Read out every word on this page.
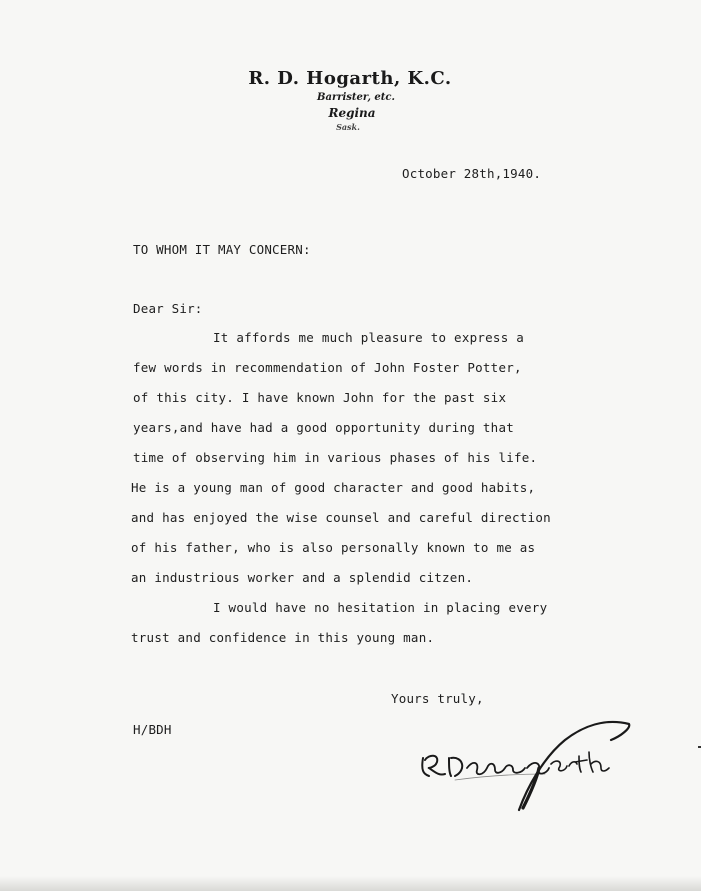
R. D. Hogarth, K.C.
Barrister, etc.
Regina
Sask.
October 28th,1940.
TO WHOM IT MAY CONCERN:
Dear Sir:
It affords me much pleasure to express a
few words in recommendation of John Foster Potter,
of this city. I have known John for the past six
years,and have had a good opportunity during that
time of observing him in various phases of his life.
He is a young man of good character and good habits,
and has enjoyed the wise counsel and careful direction
of his father, who is also personally known to me as
an industrious worker and a splendid citzen.
I would have no hesitation in placing every
trust and confidence in this young man.
Yours truly,
H/BDH
